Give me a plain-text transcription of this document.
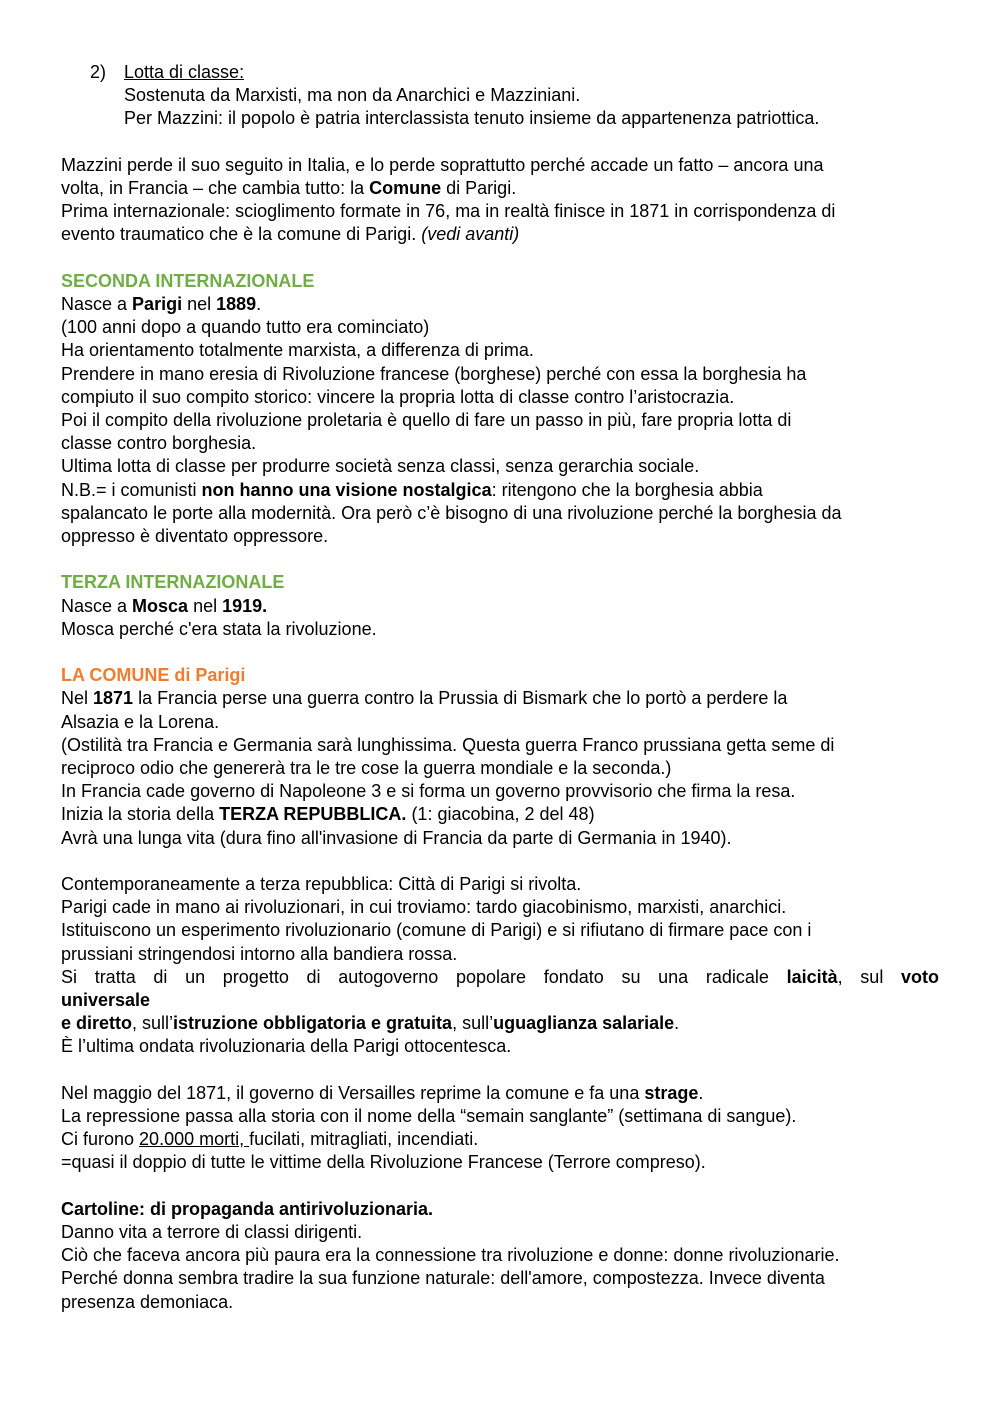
2) Lotta di classe:
Sostenuta da Marxisti, ma non da Anarchici e Mazziniani.
Per Mazzini: il popolo è patria interclassista tenuto insieme da appartenenza patriottica.
Mazzini perde il suo seguito in Italia, e lo perde soprattutto perché accade un fatto – ancora una
volta, in Francia – che cambia tutto: la Comune di Parigi.
Prima internazionale: scioglimento formate in 76, ma in realtà finisce in 1871 in corrispondenza di
evento traumatico che è la comune di Parigi. (vedi avanti)
SECONDA INTERNAZIONALE
Nasce a Parigi nel 1889.
(100 anni dopo a quando tutto era cominciato)
Ha orientamento totalmente marxista, a differenza di prima.
Prendere in mano eresia di Rivoluzione francese (borghese) perché con essa la borghesia ha
compiuto il suo compito storico: vincere la propria lotta di classe contro l’aristocrazia.
Poi il compito della rivoluzione proletaria è quello di fare un passo in più, fare propria lotta di
classe contro borghesia.
Ultima lotta di classe per produrre società senza classi, senza gerarchia sociale.
N.B.= i comunisti non hanno una visione nostalgica: ritengono che la borghesia abbia
spalancato le porte alla modernità. Ora però c’è bisogno di una rivoluzione perché la borghesia da
oppresso è diventato oppressore.
TERZA INTERNAZIONALE
Nasce a Mosca nel 1919.
Mosca perché c'era stata la rivoluzione.
LA COMUNE di Parigi
Nel 1871 la Francia perse una guerra contro la Prussia di Bismark che lo portò a perdere la
Alsazia e la Lorena.
(Ostilità tra Francia e Germania sarà lunghissima. Questa guerra Franco prussiana getta seme di
reciproco odio che genererà tra le tre cose la guerra mondiale e la seconda.)
In Francia cade governo di Napoleone 3 e si forma un governo provvisorio che firma la resa.
Inizia la storia della TERZA REPUBBLICA. (1: giacobina, 2 del 48)
Avrà una lunga vita (dura fino all'invasione di Francia da parte di Germania in 1940).
Contemporaneamente a terza repubblica: Città di Parigi si rivolta.
Parigi cade in mano ai rivoluzionari, in cui troviamo: tardo giacobinismo, marxisti, anarchici.
Istituiscono un esperimento rivoluzionario (comune di Parigi) e si rifiutano di firmare pace con i
prussiani stringendosi intorno alla bandiera rossa.
Si tratta di un progetto di autogoverno popolare fondato su una radicale laicità, sul voto
universale
e diretto, sull’istruzione obbligatoria e gratuita, sull’uguaglianza salariale.
È l’ultima ondata rivoluzionaria della Parigi ottocentesca.
Nel maggio del 1871, il governo di Versailles reprime la comune e fa una strage.
La repressione passa alla storia con il nome della “semain sanglante” (settimana di sangue).
Ci furono 20.000 morti, fucilati, mitragliati, incendiati.
=quasi il doppio di tutte le vittime della Rivoluzione Francese (Terrore compreso).
Cartoline: di propaganda antirivoluzionaria.
Danno vita a terrore di classi dirigenti.
Ciò che faceva ancora più paura era la connessione tra rivoluzione e donne: donne rivoluzionarie.
Perché donna sembra tradire la sua funzione naturale: dell'amore, compostezza. Invece diventa
presenza demoniaca.
